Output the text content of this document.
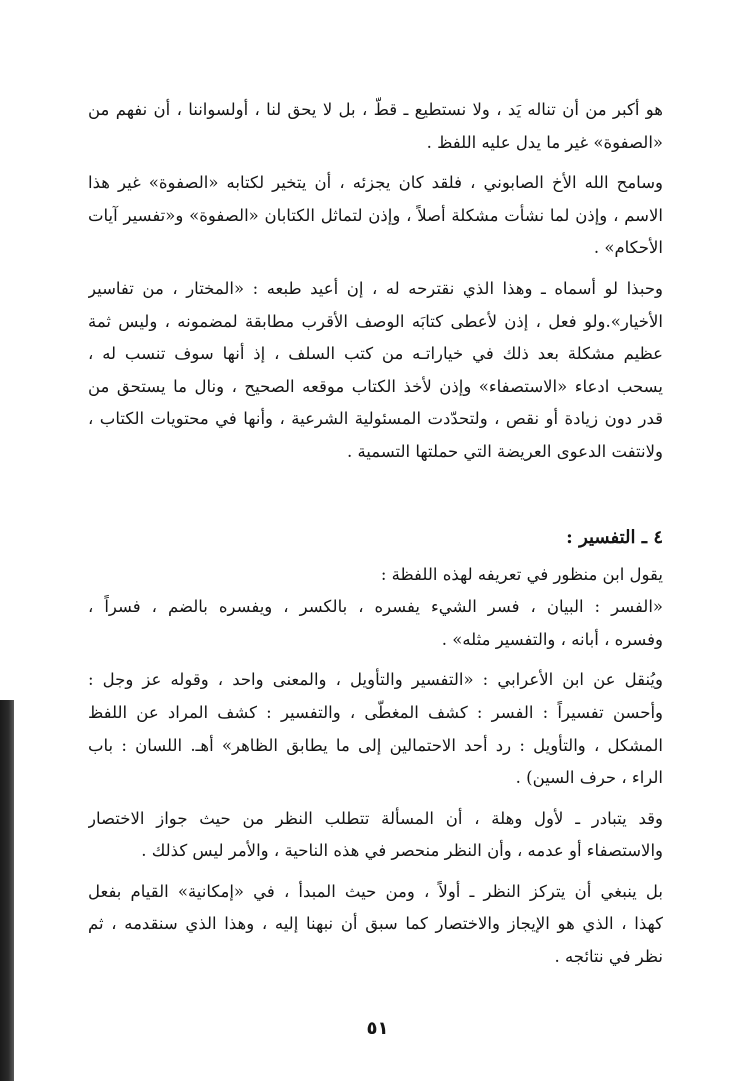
هو أكبر من أن تناله يَد ، ولا نستطيع ـ قطّ ، بل لا يحق لنا ، أولسواننا ، أن نفهم من
«الصفوة» غير ما يدل عليه اللفظ .

وسامح الله الأخ الصابوني ، فلقد كان يجزئه ، أن يتخير لكتابه «الصفوة» غير هذا
الاسم ، وإذن لما نشأت مشكلة أصلاً ، وإذن لتماثل الكتابان «الصفوة» و«تفسير آيات
الأحكام» .

وحبذا لو أسماه ـ وهذا الذي نقترحه له ، إن أعيد طبعه : «المختار ، من تفاسير
الأخيار».ولو فعل ، إذن لأعطى كتابَه الوصف الأقرب مطابقة لمضمونه ، وليس ثمة
عظيم مشكلة بعد ذلك في خياراتـه من كتب السلف ، إذ أنها سوف تنسب له ،
يسحب ادعاء «الاستصفاء» وإذن لأخذ الكتاب موقعه الصحيح ، ونال ما يستحق من
قدر دون زيادة أو نقص ، ولتحدّدت المسئولية الشرعية ، وأنها في محتويات الكتاب ،
ولانتفت الدعوى العريضة التي حملتها التسمية .

٤ ـ التفسير :

يقول ابن منظور في تعريفه لهذه اللفظة :
«الفسر : البيان ، فسر الشيء يفسره ، بالكسر ، ويفسره بالضم ، فسراً ،
وفسره ، أبانه ، والتفسير مثله» .

ويُنقل عن ابن الأعرابي : «التفسير والتأويل ، والمعنى واحد ، وقوله عز وجل :
وأحسن تفسيراً : الفسر : كشف المغطّى ، والتفسير : كشف المراد عن اللفظ
المشكل ، والتأويل : رد أحد الاحتمالين إلى ما يطابق الظاهر» أهـ. اللسان : باب
الراء ، حرف السين) .

وقد يتبادر ـ لأول وهلة ، أن المسألة تتطلب النظر من حيث جواز الاختصار
والاستصفاء أو عدمه ، وأن النظر منحصر في هذه الناحية ، والأمر ليس كذلك .

بل ينبغي أن يتركز النظر ـ أولاً ، ومن حيث المبدأ ، في «إمكانية» القيام بفعل
كهذا ، الذي هو الإيجاز والاختصار كما سبق أن نبهنا إليه ، وهذا الذي سنقدمه ، ثم
نظر في نتائجه .

٥١
